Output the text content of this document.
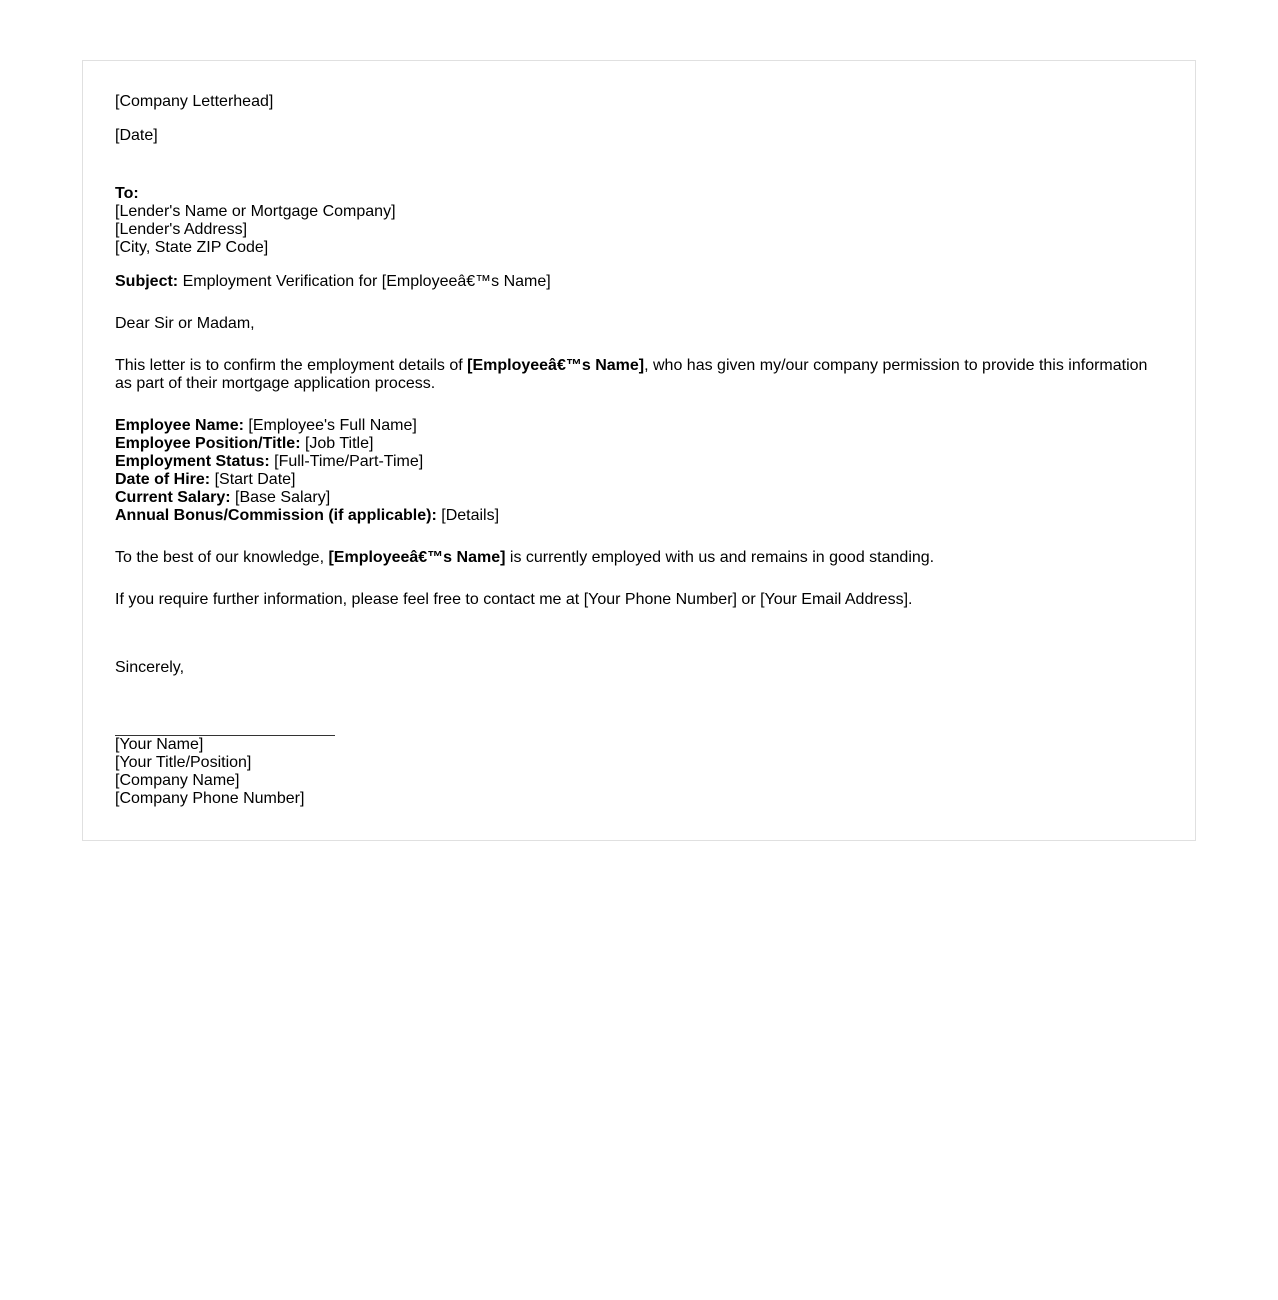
[Company Letterhead]
[Date]
To:
[Lender's Name or Mortgage Company]
[Lender's Address]
[City, State ZIP Code]
Subject: Employment Verification for [Employeeâ€™s Name]
Dear Sir or Madam,
This letter is to confirm the employment details of [Employeeâ€™s Name], who has given my/our company permission to provide this information as part of their mortgage application process.
Employee Name: [Employee's Full Name]
Employee Position/Title: [Job Title]
Employment Status: [Full-Time/Part-Time]
Date of Hire: [Start Date]
Current Salary: [Base Salary]
Annual Bonus/Commission (if applicable): [Details]
To the best of our knowledge, [Employeeâ€™s Name] is currently employed with us and remains in good standing.
If you require further information, please feel free to contact me at [Your Phone Number] or [Your Email Address].
Sincerely,
[Your Name]
[Your Title/Position]
[Company Name]
[Company Phone Number]
